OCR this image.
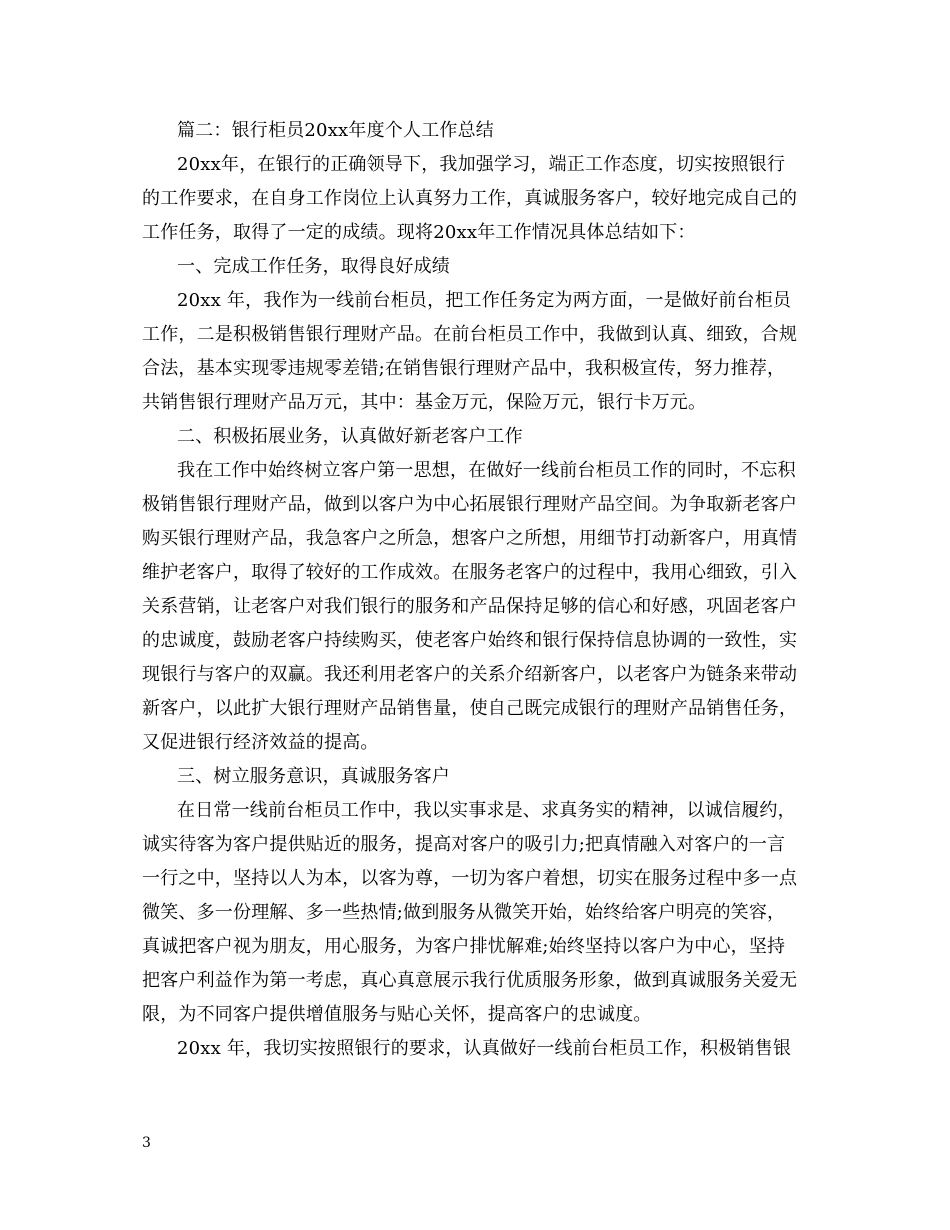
篇二：银行柜员20xx年度个人工作总结
20xx年，在银行的正确领导下，我加强学习，端正工作态度，切实按照银行
的工作要求，在自身工作岗位上认真努力工作，真诚服务客户，较好地完成自己的
工作任务，取得了一定的成绩。现将20xx年工作情况具体总结如下：
一、完成工作任务，取得良好成绩
20xx 年，我作为一线前台柜员，把工作任务定为两方面，一是做好前台柜员
工作，二是积极销售银行理财产品。在前台柜员工作中，我做到认真、细致，合规
合法，基本实现零违规零差错;在销售银行理财产品中，我积极宣传，努力推荐，
共销售银行理财产品万元，其中：基金万元，保险万元，银行卡万元。
二、积极拓展业务，认真做好新老客户工作
我在工作中始终树立客户第一思想，在做好一线前台柜员工作的同时，不忘积
极销售银行理财产品，做到以客户为中心拓展银行理财产品空间。为争取新老客户
购买银行理财产品，我急客户之所急，想客户之所想，用细节打动新客户，用真情
维护老客户，取得了较好的工作成效。在服务老客户的过程中，我用心细致，引入
关系营销，让老客户对我们银行的服务和产品保持足够的信心和好感，巩固老客户
的忠诚度，鼓励老客户持续购买，使老客户始终和银行保持信息协调的一致性，实
现银行与客户的双赢。我还利用老客户的关系介绍新客户，以老客户为链条来带动
新客户，以此扩大银行理财产品销售量，使自己既完成银行的理财产品销售任务，
又促进银行经济效益的提高。
三、树立服务意识，真诚服务客户
在日常一线前台柜员工作中，我以实事求是、求真务实的精神，以诚信履约，
诚实待客为客户提供贴近的服务，提高对客户的吸引力;把真情融入对客户的一言
一行之中，坚持以人为本，以客为尊，一切为客户着想，切实在服务过程中多一点
微笑、多一份理解、多一些热情;做到服务从微笑开始，始终给客户明亮的笑容，
真诚把客户视为朋友，用心服务，为客户排忧解难;始终坚持以客户为中心，坚持
把客户利益作为第一考虑，真心真意展示我行优质服务形象，做到真诚服务关爱无
限，为不同客户提供增值服务与贴心关怀，提高客户的忠诚度。
20xx 年，我切实按照银行的要求，认真做好一线前台柜员工作，积极销售银
3
